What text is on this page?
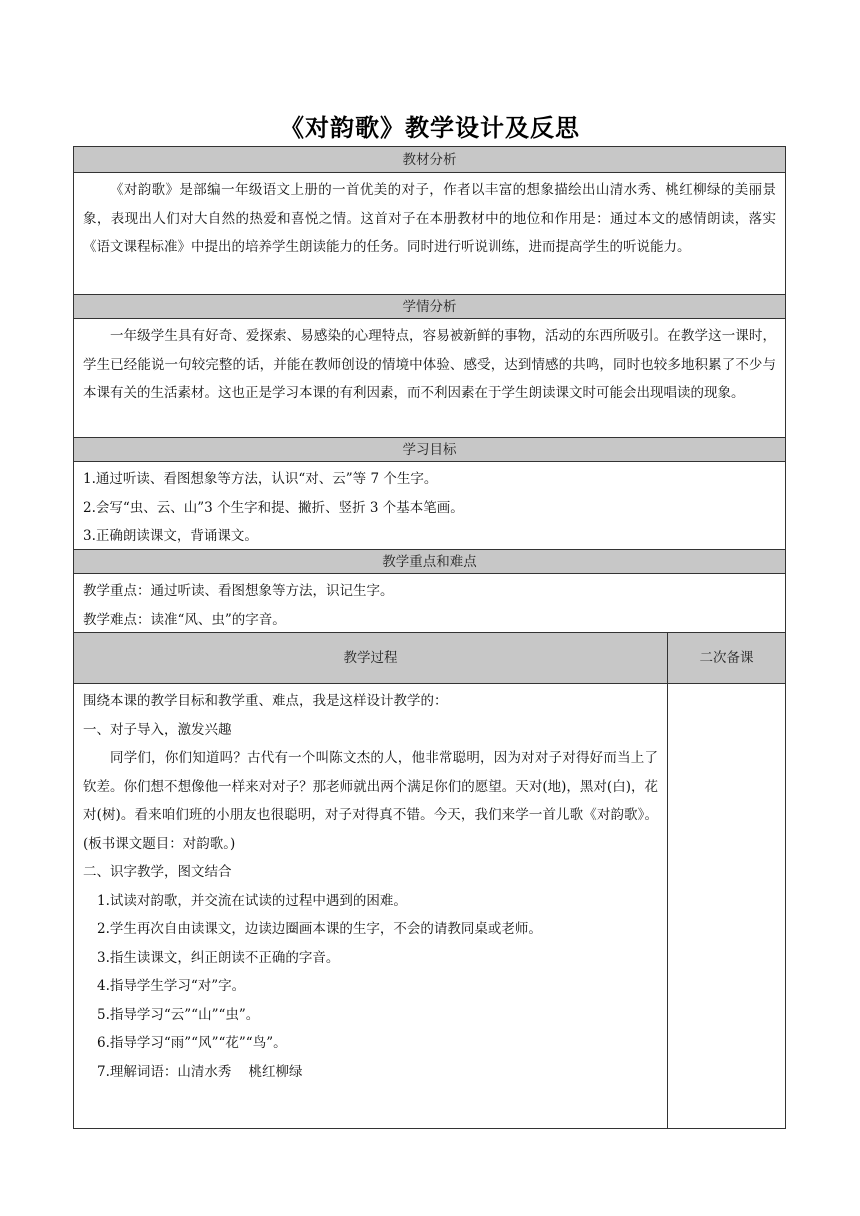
《对韵歌》教学设计及反思
教材分析

《对韵歌》是部编一年级语文上册的一首优美的对子，作者以丰富的想象描绘出山清水秀、桃红柳绿的美丽景象，表现出人们对大自然的热爱和喜悦之情。这首对子在本册教材中的地位和作用是：通过本文的感情朗读，落实《语文课程标准》中提出的培养学生朗读能力的任务。同时进行听说训练，进而提高学生的听说能力。

学情分析

一年级学生具有好奇、爱探索、易感染的心理特点，容易被新鲜的事物，活动的东西所吸引。在教学这一课时，学生已经能说一句较完整的话，并能在教师创设的情境中体验、感受，达到情感的共鸣，同时也较多地积累了不少与本课有关的生活素材。这也正是学习本课的有利因素，而不利因素在于学生朗读课文时可能会出现唱读的现象。

学习目标

1.通过听读、看图想象等方法，认识“对、云”等 7 个生字。

2.会写“虫、云、山”3 个生字和提、撇折、竖折 3 个基本笔画。

3.正确朗读课文，背诵课文。

教学重点和难点

教学重点：通过听读、看图想象等方法，识记生字。

教学难点：读准“风、虫”的字音。

教学过程	二次备课

围绕本课的教学目标和教学重、难点，我是这样设计教学的：

一、对子导入，激发兴趣

同学们，你们知道吗？古代有一个叫陈文杰的人，他非常聪明，因为对对子对得好而当上了钦差。你们想不想像他一样来对对子？那老师就出两个满足你们的愿望。天对(地)，黑对(白)，花对(树)。看来咱们班的小朋友也很聪明，对子对得真不错。今天，我们来学一首儿歌《对韵歌》。(板书课文题目：对韵歌。)

二、识字教学，图文结合

1.试读对韵歌，并交流在试读的过程中遇到的困难。

2.学生再次自由读课文，边读边圈画本课的生字，不会的请教同桌或老师。

3.指生读课文，纠正朗读不正确的字音。

4.指导学生学习“对”字。

5.指导学习“云”“山”“虫”。

6.指导学习“雨”“风”“花”“鸟”。

7.理解词语：山清水秀    桃红柳绿
